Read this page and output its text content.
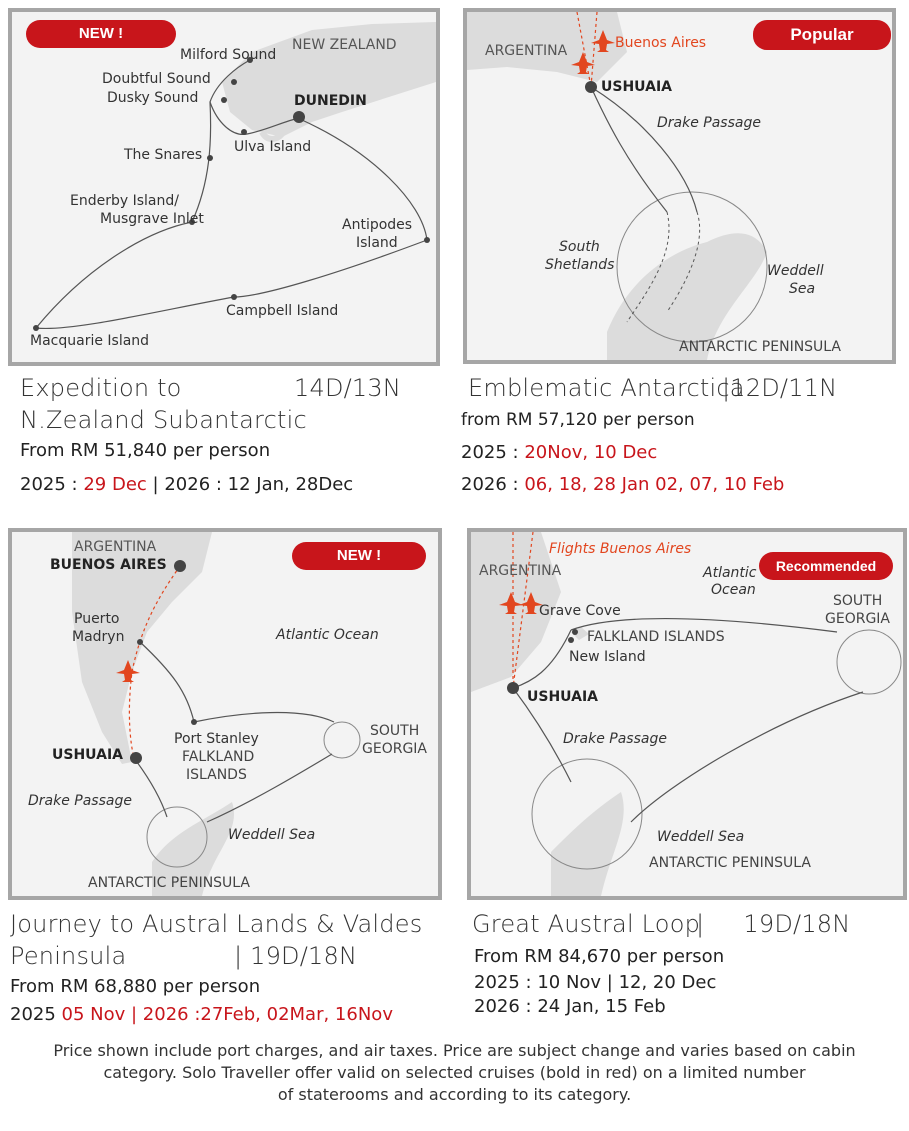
NEW !
Milford Sound
NEW ZEALAND
Doubtful Sound
Dusky Sound	DUNEDIN
Ulva Island
The Snares
Enderby Island/
Musgrave Inlet	Antipodes
Island
Campbell Island
Macquarie Island
Popular
ARGENTINA	Buenos Aires
USHUAIA
Drake Passage
South
Shetlands	Weddell
Sea
ANTARCTIC PENINSULA
Expedition to	14D/13N
N.Zealand Subantarctic
From RM 51,840 per person
2025 : 29 Dec | 2026 : 12 Jan, 28Dec
Emblematic Antarctica
|12D/11N
from RM 57,120 per person
2025 : 20Nov, 10 Dec
2026 : 06, 18, 28 Jan 02, 07, 10 Feb
NEW !
ARGENTINA
BUENOS AIRES
Puerto
Madryn	Atlantic Ocean
Port Stanley
FALKLAND
ISLANDS
SOUTH
GEORGIA
USHUAIA
Drake Passage
Weddell Sea
ANTARCTIC PENINSULA
Flights Buenos Aires
Recommended
ARGENTINA	Atlantic
Ocean
SOUTH
GEORGIA
Grave Cove
FALKLAND ISLANDS
New Island
USHUAIA
Drake Passage
Weddell Sea
ANTARCTIC PENINSULA
Journey to Austral Lands & Valdes
Peninsula	| 19D/18N
From RM 68,880 per person
2025 05 Nov | 2026 :27Feb, 02Mar, 16Nov
Great Austral Loop
|     19D/18N
From RM 84,670 per person
2025 : 10 Nov | 12, 20 Dec
2026 : 24 Jan, 15 Feb
Price shown include port charges, and air taxes. Price are subject change and varies based on cabin
category. Solo Traveller offer valid on selected cruises (bold in red) on a limited number
of staterooms and according to its category.
